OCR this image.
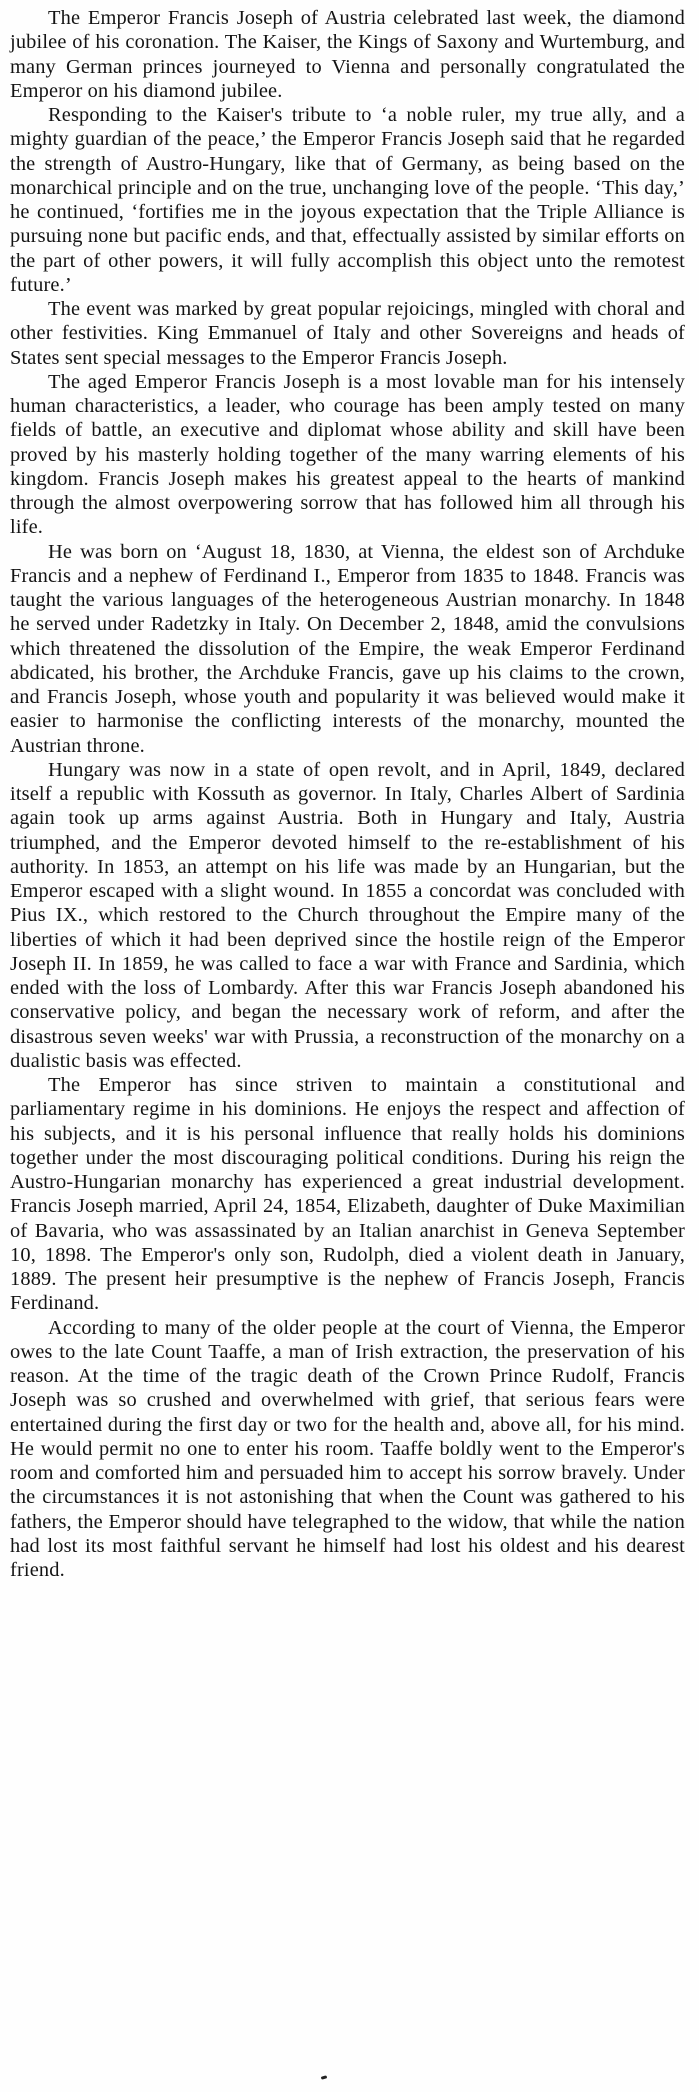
The Emperor Francis Joseph of Austria celebrated last week, the diamond jubilee of his coronation. The Kaiser, the Kings of Saxony and Wurtemburg, and many German princes journeyed to Vienna and personally congratulated the Emperor on his diamond jubilee.

Responding to the Kaiser's tribute to ‘a noble ruler, my true ally, and a mighty guardian of the peace,’ the Emperor Francis Joseph said that he regarded the strength of Austro-Hungary, like that of Germany, as being based on the monarchical principle and on the true, unchanging love of the people. ‘This day,’ he continued, ‘fortifies me in the joyous expectation that the Triple Alliance is pursuing none but pacific ends, and that, effectually assisted by similar efforts on the part of other powers, it will fully accomplish this object unto the remotest future.’

The event was marked by great popular rejoicings, mingled with choral and other festivities. King Emmanuel of Italy and other Sovereigns and heads of States sent special messages to the Emperor Francis Joseph.

The aged Emperor Francis Joseph is a most lovable man for his intensely human characteristics, a leader, who courage has been amply tested on many fields of battle, an executive and diplomat whose ability and skill have been proved by his masterly holding together of the many warring elements of his kingdom. Francis Joseph makes his greatest appeal to the hearts of mankind through the almost overpowering sorrow that has followed him all through his life.

He was born on ‘August 18, 1830, at Vienna, the eldest son of Archduke Francis and a nephew of Ferdinand I., Emperor from 1835 to 1848. Francis was taught the various languages of the heterogeneous Austrian monarchy. In 1848 he served under Radetzky in Italy. On December 2, 1848, amid the convulsions which threatened the dissolution of the Empire, the weak Emperor Ferdinand abdicated, his brother, the Archduke Francis, gave up his claims to the crown, and Francis Joseph, whose youth and popularity it was believed would make it easier to harmonise the conflicting interests of the monarchy, mounted the Austrian throne.

Hungary was now in a state of open revolt, and in April, 1849, declared itself a republic with Kossuth as governor. In Italy, Charles Albert of Sardinia again took up arms against Austria. Both in Hungary and Italy, Austria triumphed, and the Emperor devoted himself to the re-establishment of his authority. In 1853, an attempt on his life was made by an Hungarian, but the Emperor escaped with a slight wound. In 1855 a concordat was concluded with Pius IX., which restored to the Church throughout the Empire many of the liberties of which it had been deprived since the hostile reign of the Emperor Joseph II. In 1859, he was called to face a war with France and Sardinia, which ended with the loss of Lombardy. After this war Francis Joseph abandoned his conservative policy, and began the necessary work of reform, and after the disastrous seven weeks' war with Prussia, a reconstruction of the monarchy on a dualistic basis was effected.

The Emperor has since striven to maintain a constitutional and parliamentary regime in his dominions. He enjoys the respect and affection of his subjects, and it is his personal influence that really holds his dominions together under the most discouraging political conditions. During his reign the Austro-Hungarian monarchy has experienced a great industrial development. Francis Joseph married, April 24, 1854, Elizabeth, daughter of Duke Maximilian of Bavaria, who was assassinated by an Italian anarchist in Geneva September 10, 1898. The Emperor's only son, Rudolph, died a violent death in January, 1889. The present heir presumptive is the nephew of Francis Joseph, Francis Ferdinand.

According to many of the older people at the court of Vienna, the Emperor owes to the late Count Taaffe, a man of Irish extraction, the preservation of his reason. At the time of the tragic death of the Crown Prince Rudolf, Francis Joseph was so crushed and overwhelmed with grief, that serious fears were entertained during the first day or two for the health and, above all, for his mind. He would permit no one to enter his room. Taaffe boldly went to the Emperor's room and comforted him and persuaded him to accept his sorrow bravely. Under the circumstances it is not astonishing that when the Count was gathered to his fathers, the Emperor should have telegraphed to the widow, that while the nation had lost its most faithful servant he himself had lost his oldest and his dearest friend.
